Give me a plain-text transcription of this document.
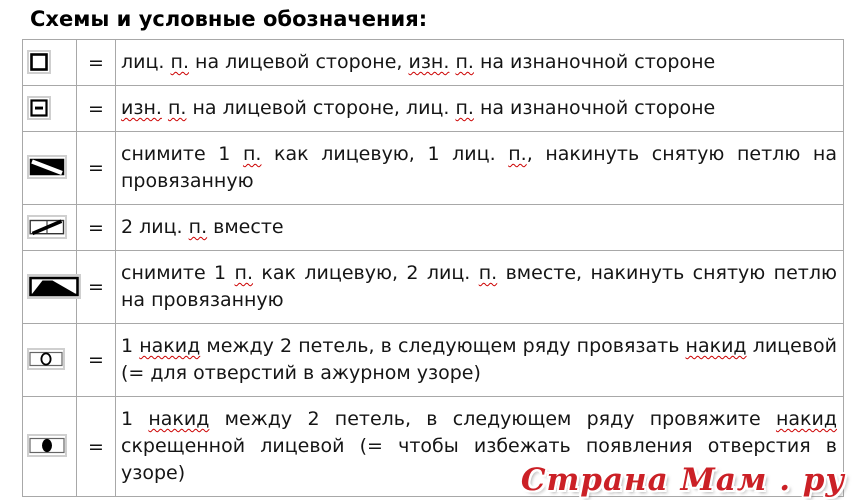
Схемы и условные обозначения:
	=	лиц. п. на лицевой стороне, изн. п. на изнаночной стороне
	=	изн. п. на лицевой стороне, лиц. п. на изнаночной стороне
	=	снимите 1 п. как лицевую, 1 лиц. п., накинуть снятую петлю на провязанную
	=	2 лиц. п. вместе
	=	снимите 1 п. как лицевую, 2 лиц. п. вместе, накинуть снятую петлю на провязанную
	=	1 накид между 2 петель, в следующем ряду провязать накид лицевой (= для отверстий в ажурном узоре)
	=	1 накид между 2 петель, в следующем ряду провяжите накид скрещенной лицевой (= чтобы избежать появления отверстия в узоре)	Страна Мам . ру
